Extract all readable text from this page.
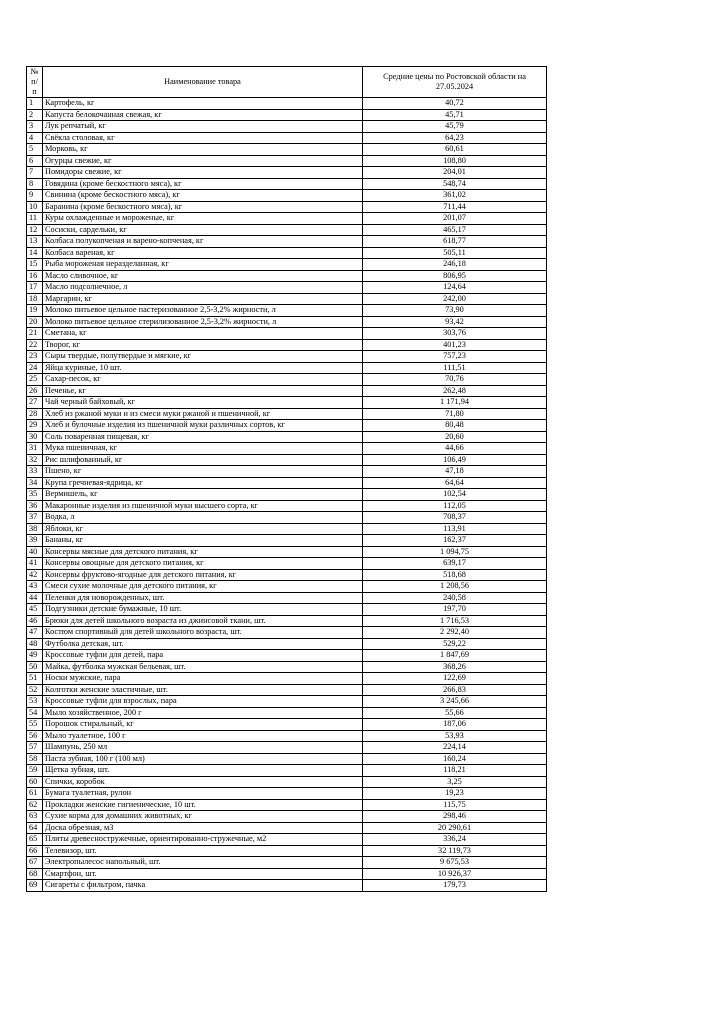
№ п/п	Наименование товара	Средние цены по Ростовской области на 27.05.2024
1	Картофель, кг	40,72
2	Капуста белокочанная свежая, кг	45,71
3	Лук репчатый, кг	45,79
4	Свёкла столовая, кг	64,23
5	Морковь, кг	60,61
6	Огурцы свежие, кг	108,80
7	Помидоры свежие, кг	204,01
8	Говядина (кроме бескостного мяса), кг	548,74
9	Свинина (кроме бескостного мяса), кг	361,02
10	Баранина (кроме бескостного мяса), кг	711,44
11	Куры охлажденные и мороженые, кг	201,07
12	Сосиски, сардельки, кг	465,17
13	Колбаса полукопченая и варено-копченая, кг	618,77
14	Колбаса вареная, кг	505,11
15	Рыба мороженая неразделанная, кг	246,18
16	Масло сливочное, кг	806,95
17	Масло подсолнечное, л	124,64
18	Маргарин, кг	242,00
19	Молоко питьевое цельное пастеризованное 2,5-3,2% жирности, л	73,90
20	Молоко питьевое цельное стерилизованное 2,5-3,2% жирности, л	93,42
21	Сметана, кг	303,76
22	Творог, кг	401,23
23	Сыры твердые, полутвердые и мягкие, кг	757,23
24	Яйца куриные, 10 шт.	111,51
25	Сахар-песок, кг	70,76
26	Печенье, кг	262,48
27	Чай черный байховый, кг	1 171,94
28	Хлеб из ржаной муки и из смеси муки ржаной и пшеничной, кг	71,80
29	Хлеб и булочные изделия из пшеничной муки различных сортов, кг	80,48
30	Соль поваренная пищевая, кг	20,60
31	Мука пшеничная, кг	44,66
32	Рис шлифованный, кг	106,49
33	Пшено, кг	47,18
34	Крупа гречневая-ядрица, кг	64,64
35	Вермишель, кг	102,54
36	Макаронные изделия из пшеничной муки высшего сорта, кг	112,05
37	Водка, л	708,37
38	Яблоки, кг	113,91
39	Бананы, кг	162,37
40	Консервы мясные для детского питания, кг	1 094,75
41	Консервы овощные для детского питания, кг	639,17
42	Консервы фруктово-ягодные для детского питания, кг	518,68
43	Смеси сухие молочные для детского питания, кг	1 208,56
44	Пеленки для новорожденных, шт.	240,58
45	Подгузники детские бумажные, 10 шт.	197,70
46	Брюки для детей школьного возраста из джинсовой ткани, шт.	1 716,53
47	Костюм спортивный для детей школьного возраста, шт.	2 292,40
48	Футболка детская, шт.	529,22
49	Кроссовые туфли для детей, пара	1 847,69
50	Майка, футболка мужская бельевая, шт.	368,26
51	Носки мужские, пара	122,69
52	Колготки женские эластичные, шт.	266,83
53	Кроссовые туфли для взрослых, пара	3 245,66
54	Мыло хозяйственное, 200 г	55,66
55	Порошок стиральный, кг	187,06
56	Мыло туалетное, 100 г	53,93
57	Шампунь, 250 мл	224,14
58	Паста зубная, 100 г (100 мл)	160,24
59	Щетка зубная, шт.	118,21
60	Спички, коробок	3,25
61	Бумага туалетная, рулон	19,23
62	Прокладки женские гигиенические, 10 шт.	115,75
63	Сухие корма для домашних животных, кг	298,46
64	Доска обрезная, м3	20 290,61
65	Плиты древесностружечные, ориентированно-стружечные, м2	336,24
66	Телевизор, шт.	32 119,73
67	Электропылесос напольный, шт.	9 675,53
68	Смартфон, шт.	10 926,37
69	Сигареты с фильтром, пачка	179,73
